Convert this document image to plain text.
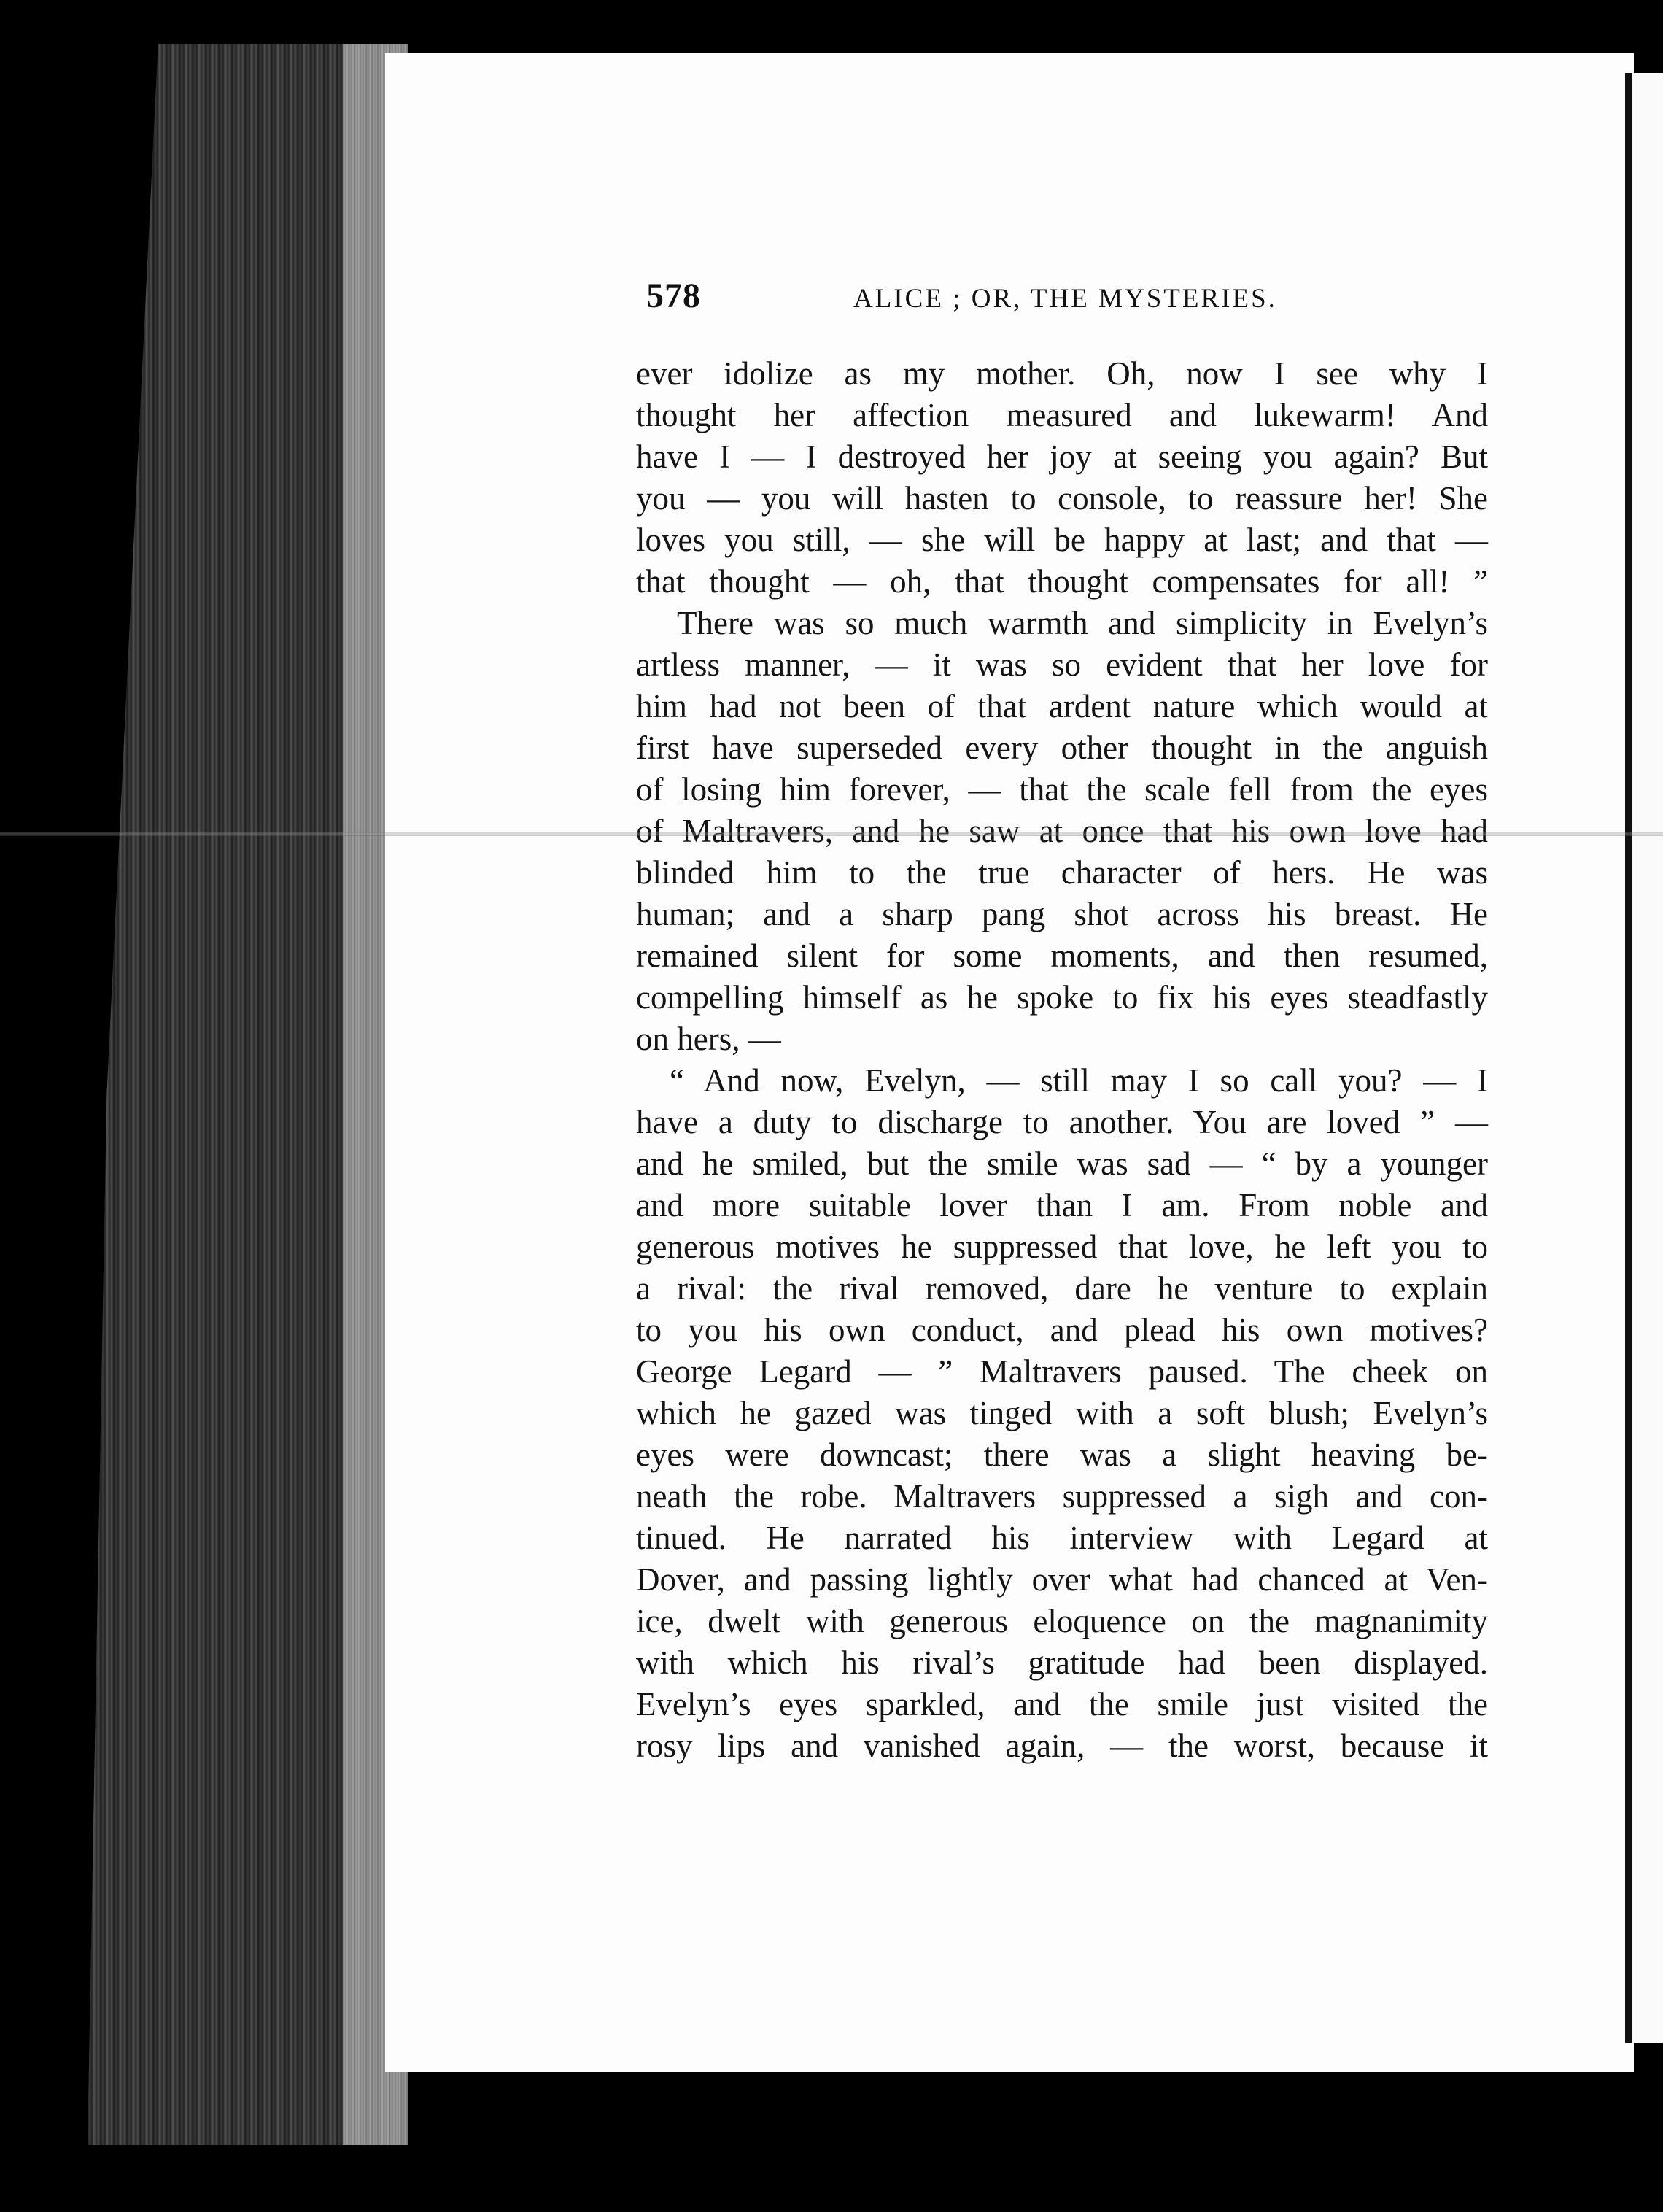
578	ALICE ; OR, THE MYSTERIES.
ever idolize as my mother. Oh, now I see why I
thought her affection measured and lukewarm! And
have I — I destroyed her joy at seeing you again? But
you — you will hasten to console, to reassure her! She
loves you still, — she will be happy at last; and that —
that thought — oh, that thought compensates for all! ”
There was so much warmth and simplicity in Evelyn’s
artless manner, — it was so evident that her love for
him had not been of that ardent nature which would at
first have superseded every other thought in the anguish
of losing him forever, — that the scale fell from the eyes
of Maltravers, and he saw at once that his own love had
blinded him to the true character of hers. He was
human; and a sharp pang shot across his breast. He
remained silent for some moments, and then resumed,
compelling himself as he spoke to fix his eyes steadfastly
on hers, —
“ And now, Evelyn, — still may I so call you? — I
have a duty to discharge to another. You are loved ” —
and he smiled, but the smile was sad — “ by a younger
and more suitable lover than I am. From noble and
generous motives he suppressed that love, he left you to
a rival: the rival removed, dare he venture to explain
to you his own conduct, and plead his own motives?
George Legard — ” Maltravers paused. The cheek on
which he gazed was tinged with a soft blush; Evelyn’s
eyes were downcast; there was a slight heaving be-
neath the robe. Maltravers suppressed a sigh and con-
tinued. He narrated his interview with Legard at
Dover, and passing lightly over what had chanced at Ven-
ice, dwelt with generous eloquence on the magnanimity
with which his rival’s gratitude had been displayed.
Evelyn’s eyes sparkled, and the smile just visited the
rosy lips and vanished again, — the worst, because it
